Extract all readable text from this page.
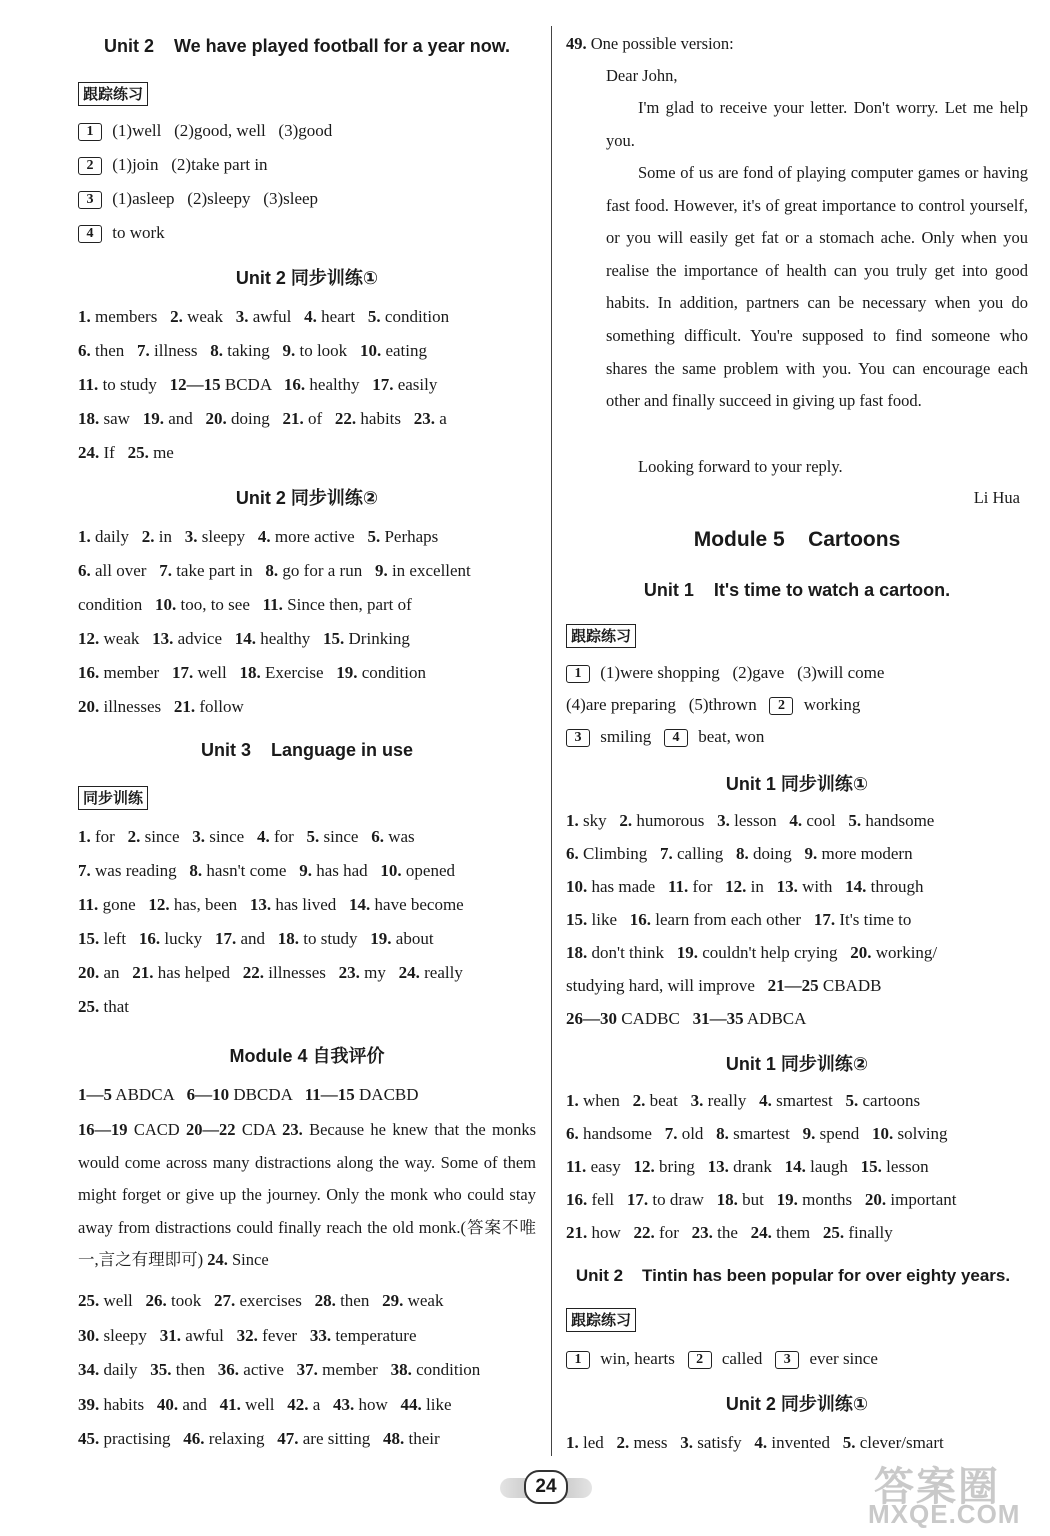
Unit 2    We have played football for a year now.
跟踪练习
1 (1)well   (2)good, well   (3)good
2 (1)join   (2)take part in
3 (1)asleep   (2)sleepy   (3)sleep
4 to work
Unit 2 同步训练①
1. members   2. weak   3. awful   4. heart   5. condition
6. then   7. illness   8. taking   9. to look   10. eating
11. to study   12—15 BCDA   16. healthy   17. easily
18. saw   19. and   20. doing   21. of   22. habits   23. a
24. If   25. me
Unit 2 同步训练②
1. daily   2. in   3. sleepy   4. more active   5. Perhaps
6. all over   7. take part in   8. go for a run   9. in excellent
condition   10. too, to see   11. Since then, part of
12. weak   13. advice   14. healthy   15. Drinking
16. member   17. well   18. Exercise   19. condition
20. illnesses   21. follow
Unit 3    Language in use
同步训练
1. for   2. since   3. since   4. for   5. since   6. was
7. was reading   8. hasn't come   9. has had   10. opened
11. gone   12. has, been   13. has lived   14. have become
15. left   16. lucky   17. and   18. to study   19. about
20. an   21. has helped   22. illnesses   23. my   24. really
25. that
Module 4 自我评价
1—5 ABDCA   6—10 DBCDA   11—15 DACBD
16—19 CACD 20—22 CDA 23. Because he knew that the monks would come across many distractions along the way. Some of them might forget or give up the journey. Only the monk who could stay away from distractions could finally reach the old monk.(答案不唯一,言之有理即可) 24. Since
25. well   26. took   27. exercises   28. then   29. weak
30. sleepy   31. awful   32. fever   33. temperature
34. daily   35. then   36. active   37. member   38. condition
39. habits   40. and   41. well   42. a   43. how   44. like
45. practising   46. relaxing   47. are sitting   48. their
49. One possible version:
Dear John,
I'm glad to receive your letter. Don't worry. Let me help you.
Some of us are fond of playing computer games or having fast food. However, it's of great importance to control yourself, or you will easily get fat or a stomach ache. Only when you realise the importance of health can you truly get into good habits. In addition, partners can be necessary when you do something difficult. You're supposed to find someone who shares the same problem with you. You can encourage each other and finally succeed in giving up fast food.
Looking forward to your reply.
Li Hua
Module 5    Cartoons
Unit 1    It's time to watch a cartoon.
跟踪练习
1 (1)were shopping   (2)gave   (3)will come
(4)are preparing   (5)thrown   2 working
3 smiling   4 beat, won
Unit 1 同步训练①
1. sky   2. humorous   3. lesson   4. cool   5. handsome
6. Climbing   7. calling   8. doing   9. more modern
10. has made   11. for   12. in   13. with   14. through
15. like   16. learn from each other   17. It's time to
18. don't think   19. couldn't help crying   20. working/
studying hard, will improve   21—25 CBADB
26—30 CADBC   31—35 ADBCA
Unit 1 同步训练②
1. when   2. beat   3. really   4. smartest   5. cartoons
6. handsome   7. old   8. smartest   9. spend   10. solving
11. easy   12. bring   13. drank   14. laugh   15. lesson
16. fell   17. to draw   18. but   19. months   20. important
21. how   22. for   23. the   24. them   25. finally
Unit 2    Tintin has been popular for over eighty years.
跟踪练习
1 win, hearts   2 called   3 ever since
Unit 2 同步训练①
1. led   2. mess   3. satisfy   4. invented   5. clever/smart
24	答案圈
MXQE.COM
